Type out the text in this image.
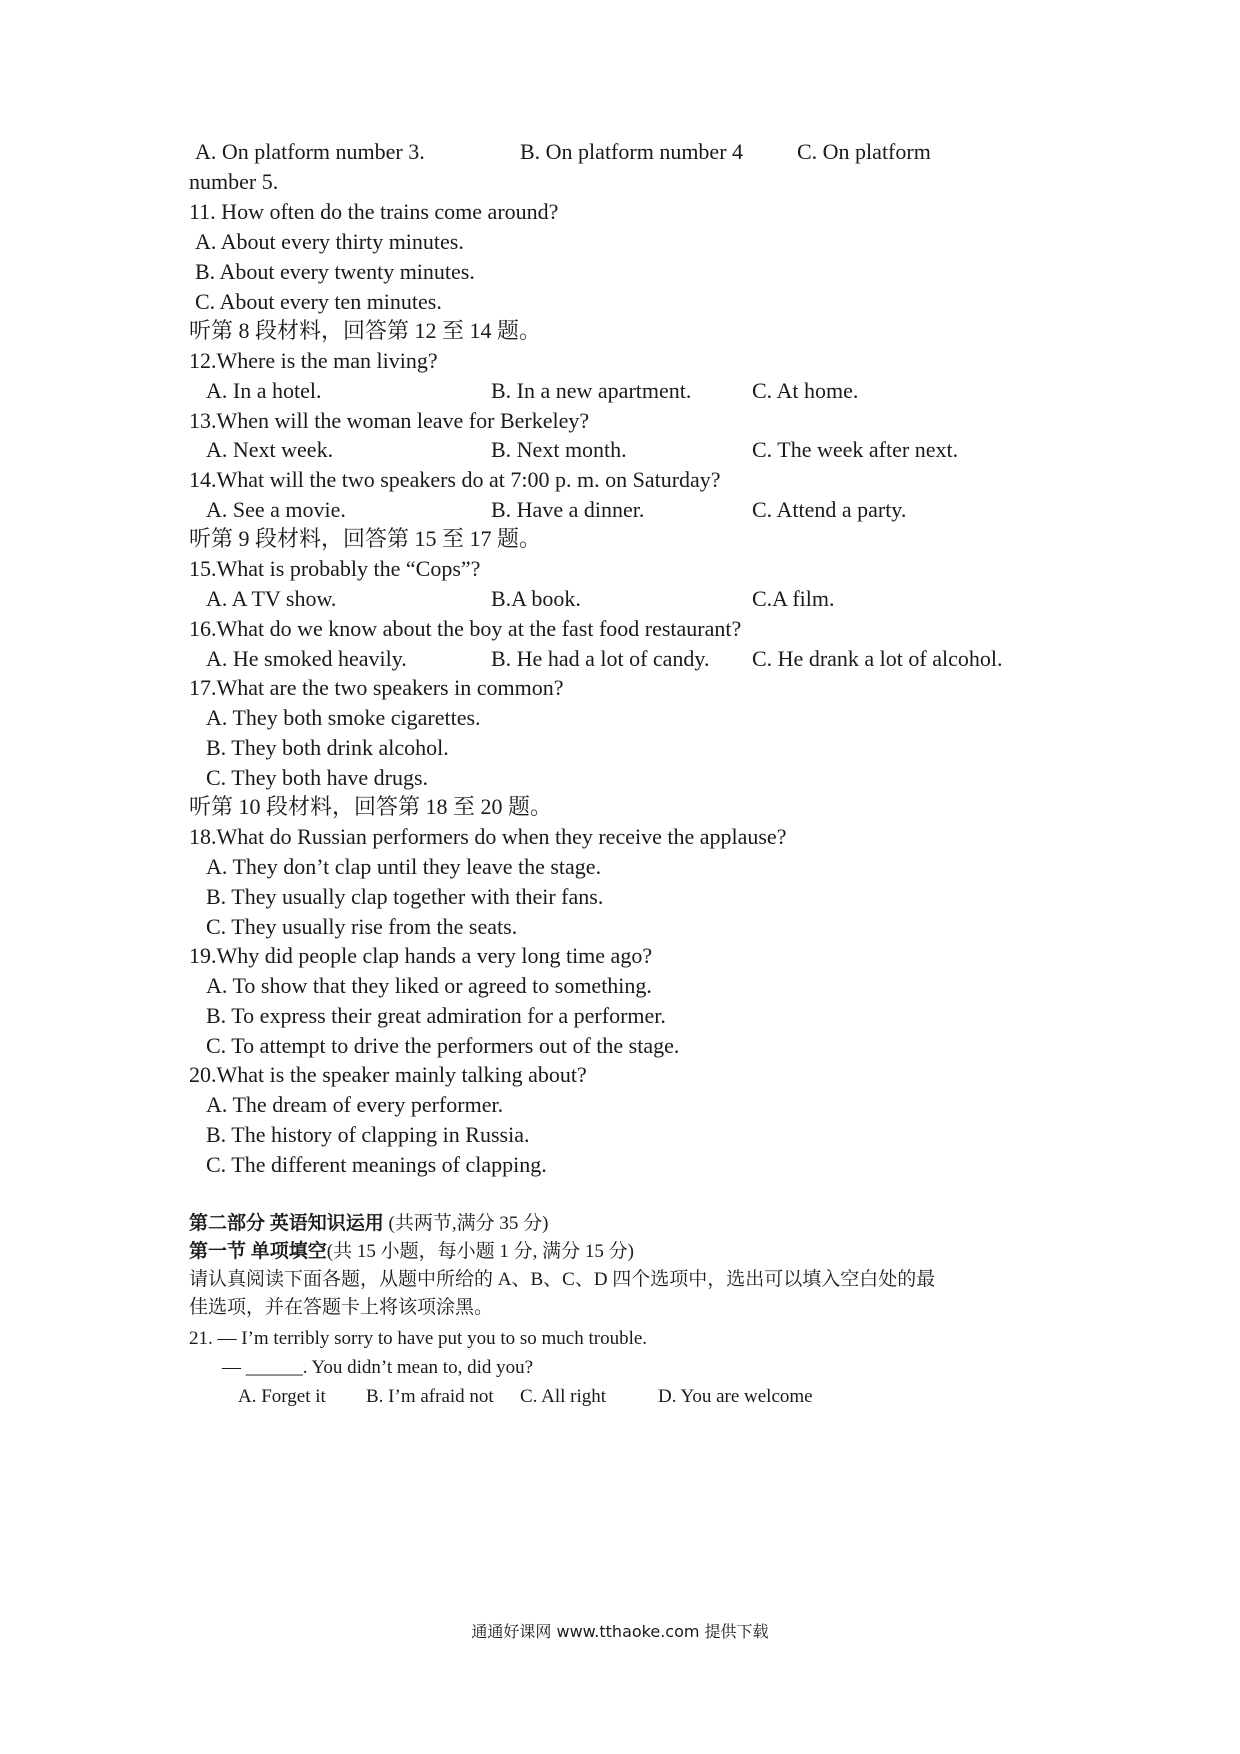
A. On platform number 3.	B. On platform number 4 C. On platform
number 5.
11. How often do the trains come around?
A. About every thirty minutes.
B. About every twenty minutes.
C. About every ten minutes.
听第 8 段材料，回答第 12 至 14 题。
12.Where is the man living?
A. In a hotel.	B. In a new apartment.	C. At home.
13.When will the woman leave for Berkeley?
A. Next week.	B. Next month.	C. The week after next.
14.What will the two speakers do at 7:00 p. m. on Saturday?
A. See a movie.	B. Have a dinner.	C. Attend a party.
听第 9 段材料，回答第 15 至 17 题。
15.What is probably the “Cops”?
A. A TV show.	B.A book.	C.A film.
16.What do we know about the boy at the fast food restaurant?
A. He smoked heavily.	B. He had a lot of candy. C. He drank a lot of alcohol.
17.What are the two speakers in common?
A. They both smoke cigarettes.
B. They both drink alcohol.
C. They both have drugs.
听第 10 段材料，回答第 18 至 20 题。
18.What do Russian performers do when they receive the applause?
A. They don’t clap until they leave the stage.
B. They usually clap together with their fans.
C. They usually rise from the seats.
19.Why did people clap hands a very long time ago?
A. To show that they liked or agreed to something.
B. To express their great admiration for a performer.
C. To attempt to drive the performers out of the stage.
20.What is the speaker mainly talking about?
A. The dream of every performer.
B. The history of clapping in Russia.
C. The different meanings of clapping.
第二部分 英语知识运用 (共两节,满分 35 分)
第一节 单项填空(共 15 小题，每小题 1 分, 满分 15 分)
请认真阅读下面各题，从题中所给的 A、B、C、D 四个选项中，选出可以填入空白处的最
佳选项，并在答题卡上将该项涂黑。
21. — I’m terribly sorry to have put you to so much trouble.
— ______. You didn’t mean to, did you?
A. Forget it B. I’m afraid not C. All right	D. You are welcome
通通好课网 www.tthaoke.com 提供下载
